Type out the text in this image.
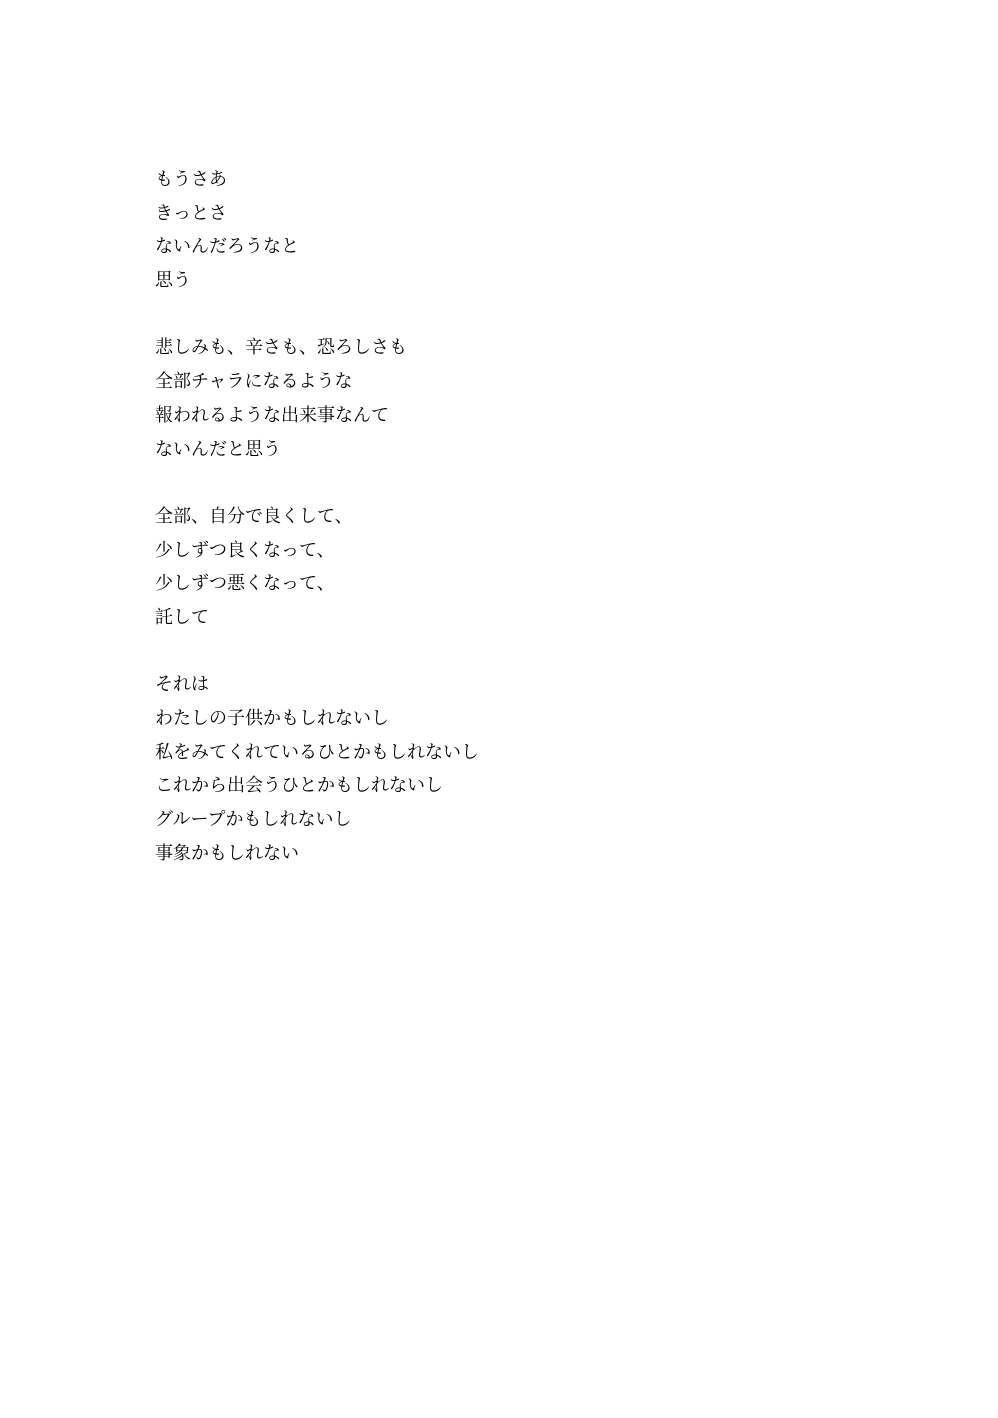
もうさあ
きっとさ
ないんだろうなと
思う
悲しみも、辛さも、恐ろしさも
全部チャラになるような
報われるような出来事なんて
ないんだと思う
全部、自分で良くして、
少しずつ良くなって、
少しずつ悪くなって、
託して
それは
わたしの子供かもしれないし
私をみてくれているひとかもしれないし
これから出会うひとかもしれないし
グループかもしれないし
事象かもしれない
